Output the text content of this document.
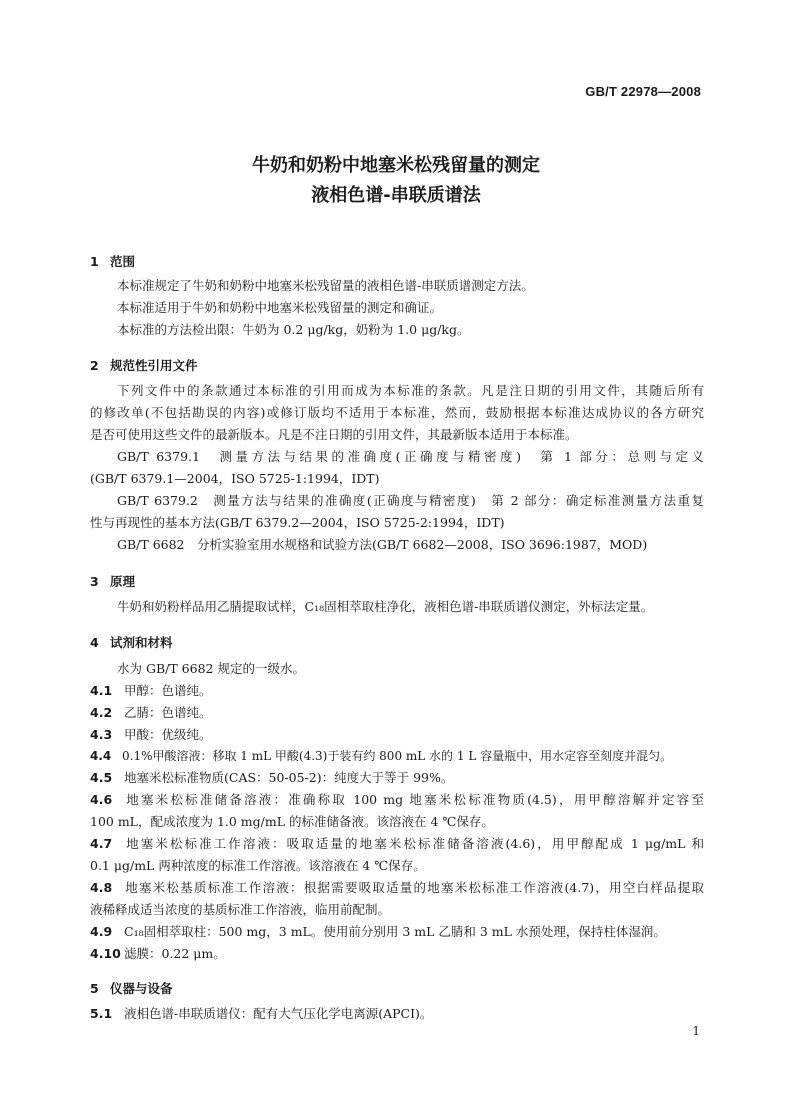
GB/T 22978—2008
牛奶和奶粉中地塞米松残留量的测定
液相色谱-串联质谱法
1 范围
本标准规定了牛奶和奶粉中地塞米松残留量的液相色谱-串联质谱测定方法。
本标准适用于牛奶和奶粉中地塞米松残留量的测定和确证。
本标准的方法检出限：牛奶为 0.2 μg/kg，奶粉为 1.0 μg/kg。
2 规范性引用文件
下列文件中的条款通过本标准的引用而成为本标准的条款。凡是注日期的引用文件，其随后所有
的修改单(不包括勘误的内容)或修订版均不适用于本标准，然而，鼓励根据本标准达成协议的各方研究
是否可使用这些文件的最新版本。凡是不注日期的引用文件，其最新版本适用于本标准。
GB/T 6379.1　测量方法与结果的准确度(正确度与精密度)　第 1 部分：总则与定义
(GB/T 6379.1—2004，ISO 5725-1:1994，IDT)
GB/T 6379.2　测量方法与结果的准确度(正确度与精密度)　第 2 部分：确定标准测量方法重复
性与再现性的基本方法(GB/T 6379.2—2004，ISO 5725-2:1994，IDT)
GB/T 6682　分析实验室用水规格和试验方法(GB/T 6682—2008，ISO 3696:1987，MOD)
3 原理
牛奶和奶粉样品用乙腈提取试样，C₁₈固相萃取柱净化，液相色谱-串联质谱仪测定，外标法定量。
4 试剂和材料
水为 GB/T 6682 规定的一级水。
4.1 甲醇：色谱纯。
4.2 乙腈：色谱纯。
4.3 甲酸：优级纯。
4.4 0.1%甲酸溶液：移取 1 mL 甲酸(4.3)于装有约 800 mL 水的 1 L 容量瓶中，用水定容至刻度并混匀。
4.5 地塞米松标准物质(CAS：50-05-2)：纯度大于等于 99%。
4.6 地塞米松标准储备溶液：准确称取 100 mg 地塞米松标准物质(4.5)，用甲醇溶解并定容至
100 mL，配成浓度为 1.0 mg/mL 的标准储备液。该溶液在 4 ℃保存。
4.7 地塞米松标准工作溶液：吸取适量的地塞米松标准储备溶液(4.6)，用甲醇配成 1 μg/mL 和
0.1 μg/mL 两种浓度的标准工作溶液。该溶液在 4 ℃保存。
4.8 地塞米松基质标准工作溶液：根据需要吸取适量的地塞米松标准工作溶液(4.7)，用空白样品提取
液稀释成适当浓度的基质标准工作溶液，临用前配制。
4.9 C₁₈固相萃取柱：500 mg，3 mL。使用前分别用 3 mL 乙腈和 3 mL 水预处理，保持柱体湿润。
4.10 滤膜：0.22 μm。
5 仪器与设备
5.1 液相色谱-串联质谱仪：配有大气压化学电离源(APCI)。
1
